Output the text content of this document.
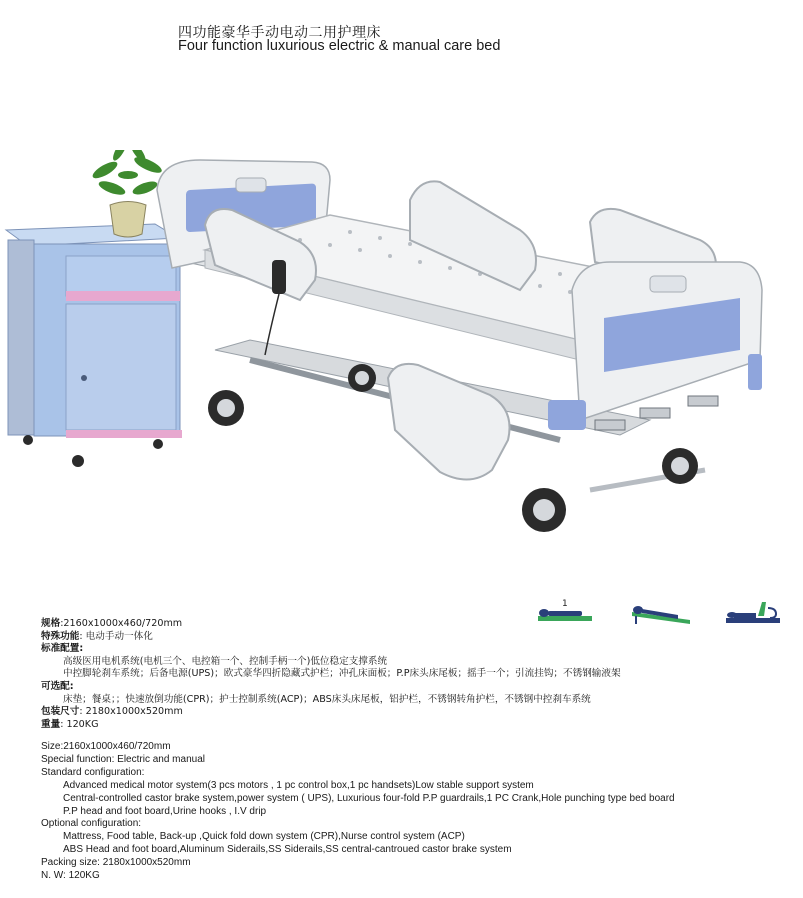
四功能豪华手动电动二用护理床
Four function luxurious electric & manual care bed
1
规格:2160x1000x460/720mm
特殊功能: 电动手动一体化
标准配置:
高级医用电机系统(电机三个、电控箱一个、控制手柄一个)低位稳定支撑系统
中控脚轮刹车系统；后备电源(UPS)；欧式豪华四折隐藏式护栏；冲孔床面板；P.P床头床尾板；摇手一个；引流挂钩；不锈钢输液架
可选配:
床垫；餐桌；；快速放倒功能(CPR)；护士控制系统(ACP)；ABS床头床尾板，铝护栏，不锈钢转角护栏，不锈钢中控刹车系统
包装尺寸: 2180x1000x520mm
重量: 120KG
Size:2160x1000x460/720mm
Special function: Electric and manual
Standard configuration:
Advanced medical motor system(3 pcs motors , 1 pc control box,1 pc handsets)Low stable support system
Central-controlled castor brake system,power system ( UPS), Luxurious four-fold P.P guardrails,1 PC Crank,Hole punching type bed board
P.P head and foot board,Urine hooks , I.V drip
Optional configuration:
Mattress, Food table, Back-up ,Quick fold down system (CPR),Nurse control system (ACP)
ABS Head and foot board,Aluminum Siderails,SS Siderails,SS central-cantroued castor brake system
Packing size: 2180x1000x520mm
N. W: 120KG
